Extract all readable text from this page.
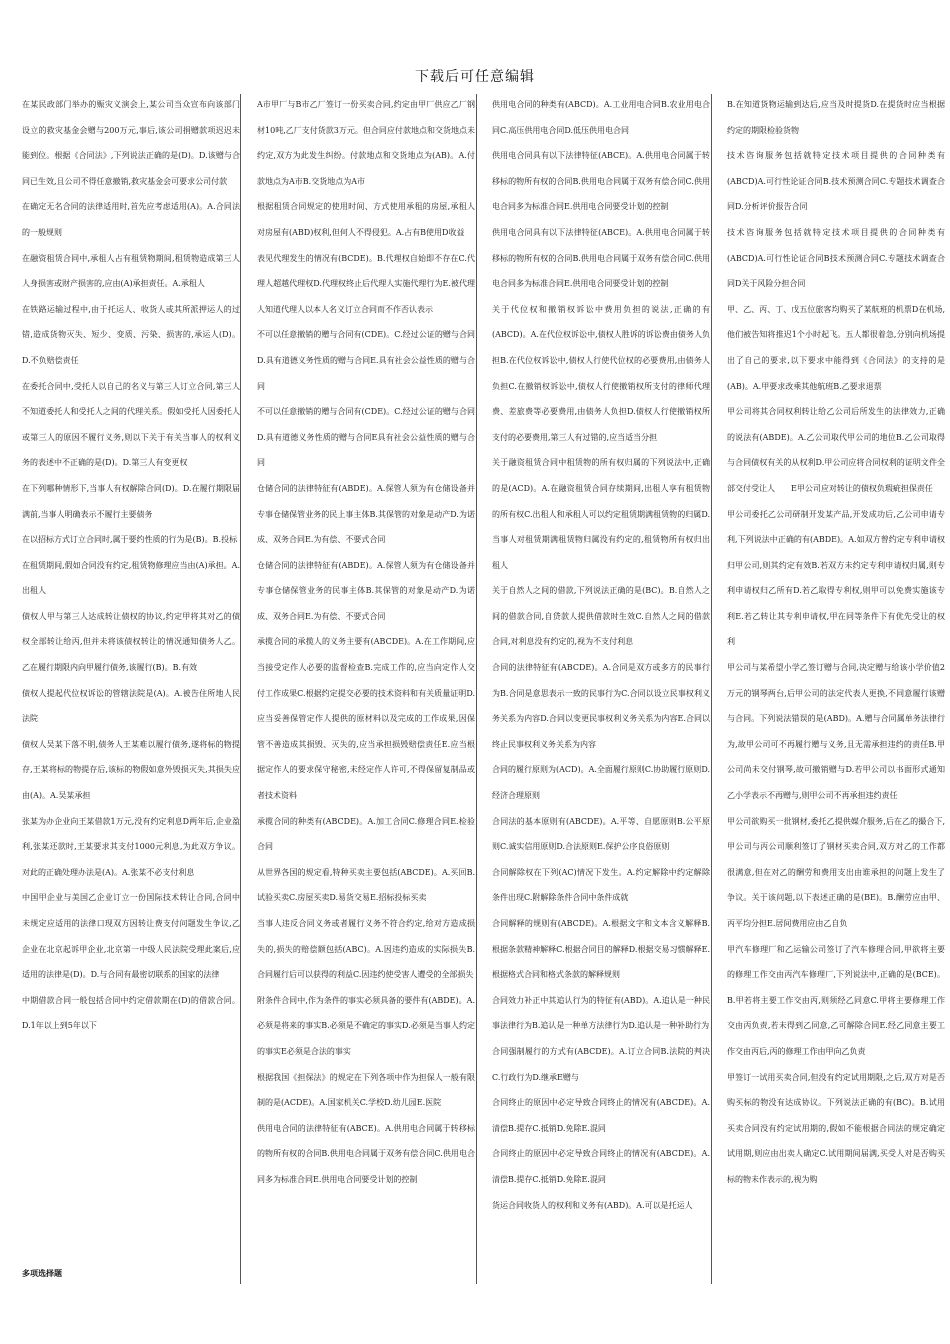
下载后可任意编辑

在某民政部门举办的赈灾义演会上,某公司当众宣布向该部门设立的救灾基金会赠与200万元,事后,该公司捐赠款项迟迟未能到位。根据《合同法》,下列说法正确的是(D)。D.该赠与合同已生效,且公司不得任意撤销,救灾基金会可要求公司付款

在确定无名合同的法律适用时,首先应考虑适用(A)。A.合同法的一般规则

在融资租赁合同中,承租人占有租赁物期间,租赁物造成第三人人身损害或财产损害的,应由(A)承担责任。A.承租人

在铁路运输过程中,由于托运人、收货人或其所派押运人的过错,造成货物灭失、短少、变质、污染、损害的,承运人(D)。D.不负赔偿责任

在委托合同中,受托人以自己的名义与第三人订立合同,第三人不知道委托人和受托人之间的代理关系。假如受托人因委托人或第三人的原因不履行义务,则以下关于有关当事人的权利义务的表述中不正确的是(D)。D.第三人有变更权

在下列哪种情形下,当事人有权解除合同(D)。D.在履行期限届满前,当事人明确表示不履行主要债务

在以招标方式订立合同时,属于要约性质的行为是(B)。B.投标

在租赁期间,假如合同没有约定,租赁物修理应当由(A)承担。A.出租人

债权人甲与第三人达成转让债权的协议,约定甲将其对乙的债权全部转让给丙,但并未将该债权转让的情况通知债务人乙。乙在履行期限内向甲履行债务,该履行(B)。B.有效

债权人提起代位权诉讼的管辖法院是(A)。A.被告住所地人民法院

债权人吴某下落不明,债务人王某难以履行债务,遂将标的物提存,王某将标的物提存后,该标的物假如意外毁损灭失,其损失应由(A)。A.吴某承担

张某为办企业向王某借款1万元,没有约定利息D两年后,企业盈利,张某还款时,王某要求其支付1000元利息,为此双方争议。对此的正确处理办法是(A)。A.张某不必支付利息

中国甲企业与美国乙企业订立一份国际技术转让合同,合同中未规定应适用的法律口现双方因转让费支付问题发生争议,乙企业在北京起诉甲企业,北京第一中级人民法院受理此案后,应适用的法律是(D)。D.与合同有最密切联系的国家的法律

中期借款合同一般包括合同中约定借款期在(D)的借款合同。D.1年以上到5年以下

A市甲厂与B市乙厂签订一份买卖合同,约定由甲厂供应乙厂钢材10吨,乙厂支付货款3万元。但合同应付款地点和交货地点未约定,双方为此发生纠纷。付款地点和交货地点为(AB)。A.付款地点为A市B.交货地点为A市

根据租赁合同规定的使用时间、方式使用承租的房屋,承租人对房屋有(ABD)权利,但何人不得侵犯。A.占有B使用D收益

表见代理发生的情况有(BCDE)。B.代理权自始即不存在C.代理人超越代理权D.代理权终止后代理人实施代理行为E.被代理人知道代理人以本人名义订立合同而不作否认表示

不可以任意撤销的赠与合同有(CDE)。C.经过公证的赠与合同D.具有道德义务性质的赠与合同E.具有社会公益性质的赠与合同

不可以任意撤销的赠与合同有(CDE)。C.经过公证的赠与合同D.具有道德义务性质的赠与合同E具有社会公益性质的赠与合同

仓储合同的法律特征有(ABDE)。A.保管人须为有仓储设备并专事仓储保管业务的民上事主体B.其保管的对象是动产D.为诺成、双务合同E.为有偿、不要式合同

仓储合同的法律特征有(ABDE)。A.保管人须为有仓储设备并专事仓储保管业务的民事主体B.其保管的对象是动产D.为诺成、双务合同E.为有偿、不要式合同

承揽合同的承揽人的义务主要有(ABCDE)。A.在工作期间,应当接受定作人必要的监督检查B.完成工作的,应当向定作人交付工作成果C.根据约定提交必要的技术资料和有关质量证明D.应当妥善保管定作人提供的原材料以及完成的工作成果,因保管不善造成其损毁、灭失的,应当承担损毁赔偿责任E.应当根据定作人的要求保守秘密,未经定作人许可,不得保留复制品或者技术资料

承揽合同的种类有(ABCDE)。A.加工合同C.修理合同E.检验合同

从世界各国的规定看,特种买卖主要包括(ABCDE)。A.买回B.试验买卖C.房屋买卖D.易货交易E.招标投标买卖

当事人违反合同义务或者履行义务不符合约定,给对方造成损失的,损失的赔偿额包括(ABC)。A.因违约造成的实际损失B.合同履行后可以获得的利益C.因违约使受害人遭受的全部损失

附条件合同中,作为条件的事实必须具备的要件有(ABDE)。A.必须是将来的事实B.必须是不确定的事实D.必须是当事人约定的事实E必须是合法的事实

根据我国《担保法》的规定在下列各项中作为担保人一般有限制的是(ACDE)。A.国家机关C.学校D.幼儿园E.医院

供用电合同的法律特征有(ABCE)。A.供用电合同属于转移标的物所有权的合同B.供用电合同属于双务有偿合同C.供用电合同多为标准合同E.供用电合同要受计划的控制

供用电合同的种类有(ABCD)。A.工业用电合同B.农业用电合同C.高压供用电合同D.低压供用电合同

供用电合同具有以下法律特征(ABCE)。A.供用电合同属于转移标的物所有权的合同B.供用电合同属于双务有偿合同C.供用电合同多为标准合同E.供用电合同要受计划的控制

供用电合同具有以下法律特征(ABCE)。A.供用电合同属于转移标的物所有权的合同B.供用电合同属于双务有偿合同C.供用电合同多为标准合同E.供用电合同要受计划的控制

关于代位权和撤销权诉讼中费用负担的说法,正确的有(ABCD)。A.在代位权诉讼中,债权人胜诉的诉讼费由债务人负担B.在代位权诉讼中,债权人行使代位权的必要费用,由债务人负担C.在撤销权诉讼中,债权人行使撤销权所支付的律师代理费、差旅费等必要费用,由债务人负担D.债权人行使撤销权所支付的必要费用,第三人有过错的,应当适当分担

关于融资租赁合同中租赁物的所有权归属的下列说法中,正确的是(ACD)。A.在融资租赁合同存续期间,出租人享有租赁物的所有权C.出租人和承租人可以约定租赁期满租赁物的归属D.当事人对租赁期满租赁物归属没有约定的,租赁物所有权归出租人

关于自然人之间的借款,下列说法正确的是(BC)。B.自然人之间的借款合同,自贷款人提供借款时生效C.自然人之间的借款合同,对利息没有约定的,视为不支付利息

合同的法律特征有(ABCDE)。A.合同是双方或多方的民事行为B.合同是意思表示一致的民事行为C.合同以设立民事权利义务关系为内容D.合同以变更民事权利义务关系为内容E.合同以终止民事权利义务关系为内容

合同的履行原则为(ACD)。A.全面履行原则C.协助履行原则D.经济合理原则

合同法的基本原则有(ABCDE)。A.平等、自愿原则B.公平原则C.诚实信用原则D.合法原则E.保护公序良俗原则

合同解除权在下列(AC)情况下发生。A.约定解除中约定解除条件出现C.附解除条件合同中条件成就

合同解释的规则有(ABCDE)。A.根据文字和文本含义解释B.根据条款精神解释C.根据合同目的解释D.根据交易习惯解释E.根据格式合同和格式条款的解释规则

合同效力补正中其追认行为的特征有(ABD)。A.追认是一种民事法律行为B.追认是一种单方法律行为D.追认是一种补助行为

合同强制履行的方式有(ABCDE)。A.订立合同B.法院的判决C.行政行为D.继承E赠与

合同终止的原因中必定导致合同终止的情况有(ABCDE)。A.清偿B.提存C.抵销D.免除E.混同

合同终止的原因中必定导致合同终止的情况有(ABCDE)。A.清偿B.提存C.抵销D.免除E.混同

货运合同收货人的权利和义务有(ABD)。A.可以是托运人

B.在知道货物运输到达后,应当及时提货D.在提货时应当根据约定的期限检验货物

技术咨询服务包括就特定技术项目提供的合同种类有(ABCD)A.可行性论证合同B.技术预测合同C.专题技术调查合同D.分析评价报告合同

技术咨询服务包括就特定技术项目提供的合同种类有(ABCD)A.可行性论证合同B技术预测合同C.专题技术调查合同D关于风险分担合同

甲、乙、丙、丁、戊五位旅客均购买了某航班的机票D在机场,他们被告知将推迟1个小时起飞。五人都很着急,分别向机场提出了自己的要求,以下要求中能得到《合同法》的支持的是(AB)。A.甲要求改乘其他航班B.乙要求退票

甲公司将其合同权利转让给乙公司后所发生的法律效力,正确的说法有(ABDE)。A.乙公司取代甲公司的地位B.乙公司取得与合同债权有关的从权利D.甲公司应将合同权利的证明文件全部交付受让人　　E甲公司应对转让的债权负瑕疵担保责任

甲公司委托乙公司研制开发某产品,开发成功后,乙公司申请专利,下列说法中正确的有(ABDE)。A.如双方曾约定专利申请权归甲公司,则其约定有效B.若双方未约定专利申请权归属,则专利申请权归乙所有D.若乙取得专利权,则甲可以免费实施该专利E.若乙转让其专利申请权,甲在同等条件下有优先受让的权利

甲公司与某希望小学乙签订赠与合同,决定赠与给该小学价值2万元的钢琴两台,后甲公司的法定代表人更换,不同意履行该赠与合同。下列说法错误的是(ABD)。A.赠与合同属单务法律行为,故甲公司可不再履行赠与义务,且无需承担违约的责任B.甲公司尚未交付钢琴,故可撤销赠与D.若甲公司以书面形式通知乙小学表示不再赠与,则甲公司不再承担违约责任

甲公司欲购买一批钢材,委托乙提供媒介服务,后在乙的撮合下,甲公司与丙公司顺利签订了钢材买卖合同,双方对乙的工作都很满意,但在对乙的酬劳和费用支出由谁承担的问题上发生了争议。关于该问题,以下表述正确的是(BE)。B.酬劳应由甲、丙平均分担E.居间费用应由乙自负

甲汽车修理厂和乙运输公司签订了汽车修理合同,甲欲将主要的修理工作交由丙汽车修理厂,下列说法中,正确的是(BCE)。B.甲若将主要工作交由丙,则须经乙同意C.甲将主要修理工作交由丙负责,若未得到乙同意,乙可解除合同E.经乙同意主要工作交由丙后,丙的修理工作由甲向乙负责

甲签订一试用买卖合同,但没有约定试用期限,之后,双方对是否购买标的物没有达成协议。下列说法正确的有(BC)。B.试用买卖合同没有约定试用期的,假如不能根据合同法的规定确定试用期,则应由出卖人确定C.试用期间届满,买受人对是否购买标的物未作表示的,视为购

多项选择题
